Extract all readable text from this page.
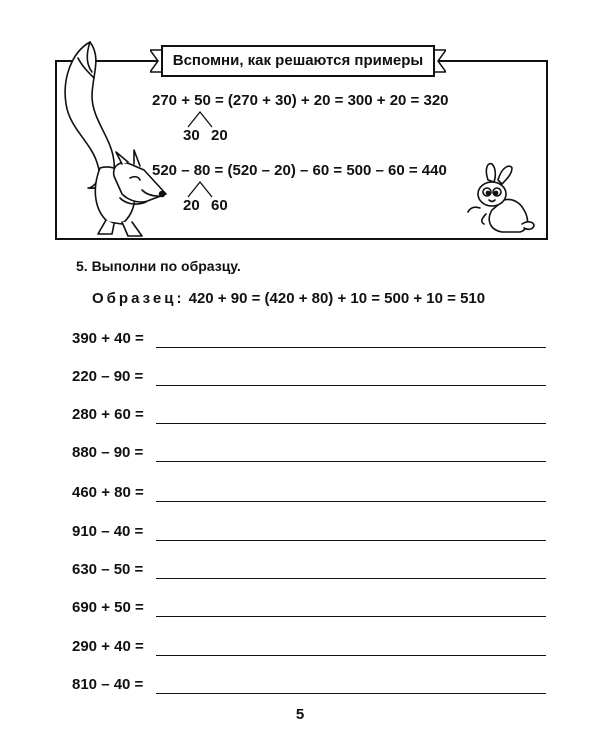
Вспомни, как решаются примеры
270 + 50 = (270 + 30) + 20 = 300 + 20 = 320
30 20
520 – 80 = (520 – 20) – 60 = 500 – 60 = 440
20 60
5. Выполни по образцу.
Образец: 420 + 90 = (420 + 80) + 10 = 500 + 10 = 510
390 + 40 =
220 – 90 =
280 + 60 =
880 – 90 =
460 + 80 =
910 – 40 =
630 – 50 =
690 + 50 =
290 + 40 =
810 – 40 =
5
